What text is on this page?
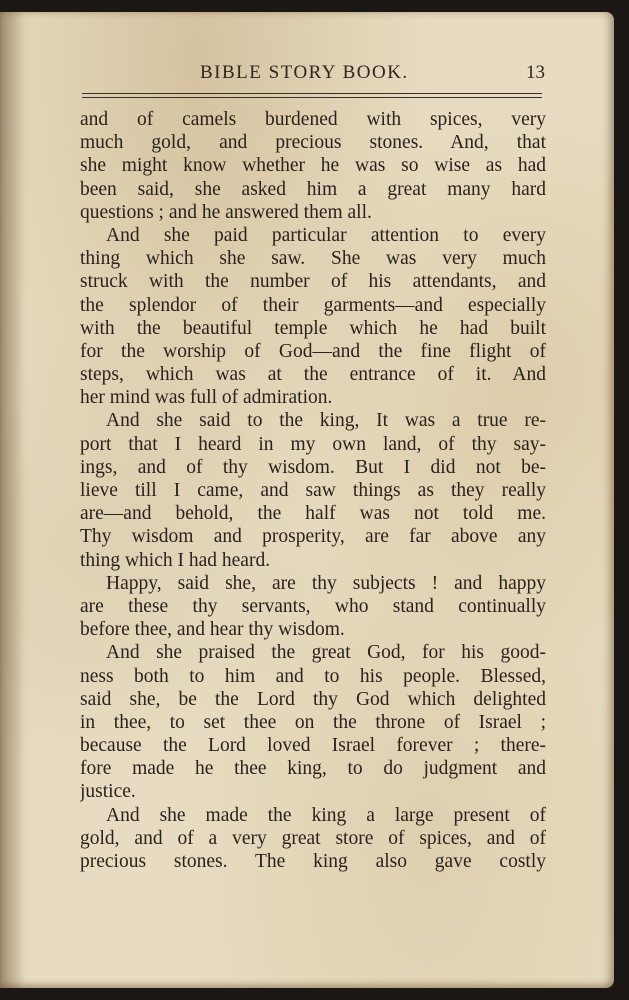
BIBLE STORY BOOK.	13
and of camels burdened with spices, very
much gold, and precious stones. And, that
she might know whether he was so wise as had
been said, she asked him a great many hard
questions ; and he answered them all.
And she paid particular attention to every
thing which she saw. She was very much
struck with the number of his attendants, and
the splendor of their garments—and especially
with the beautiful temple which he had built
for the worship of God—and the fine flight of
steps, which was at the entrance of it. And
her mind was full of admiration.
And she said to the king, It was a true re-
port that I heard in my own land, of thy say-
ings, and of thy wisdom. But I did not be-
lieve till I came, and saw things as they really
are—and behold, the half was not told me.
Thy wisdom and prosperity, are far above any
thing which I had heard.
Happy, said she, are thy subjects ! and happy
are these thy servants, who stand continually
before thee, and hear thy wisdom.
And she praised the great God, for his good-
ness both to him and to his people. Blessed,
said she, be the Lord thy God which delighted
in thee, to set thee on the throne of Israel ;
because the Lord loved Israel forever ; there-
fore made he thee king, to do judgment and
justice.
And she made the king a large present of
gold, and of a very great store of spices, and of
precious stones. The king also gave costly
